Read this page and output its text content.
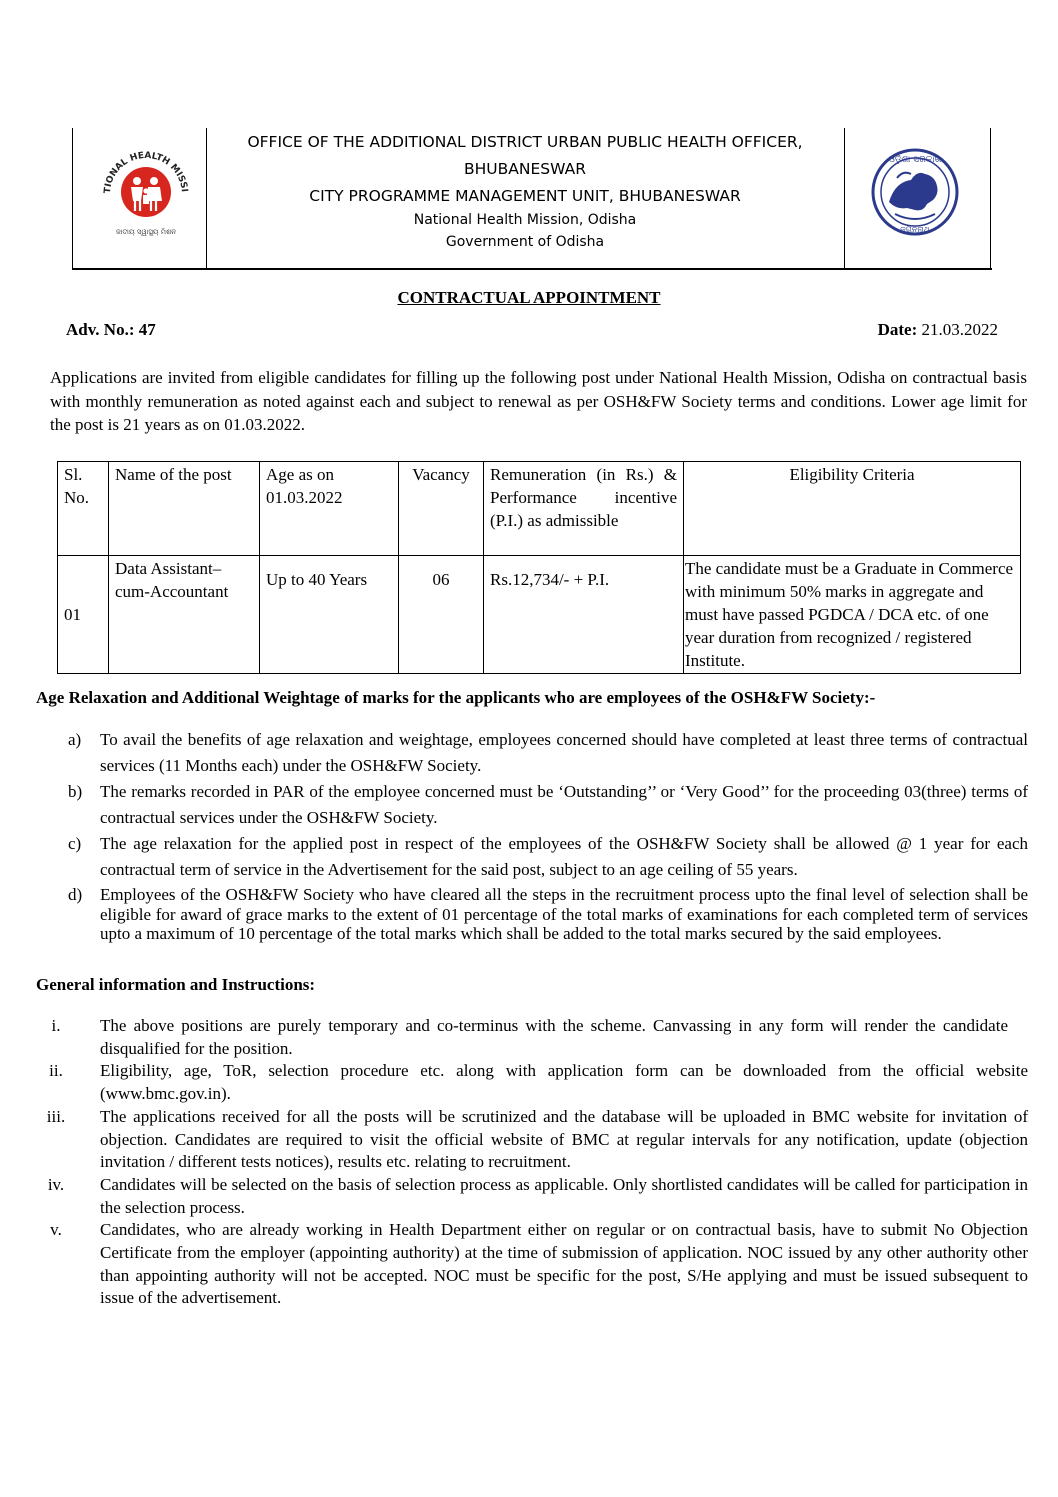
TIONAL HEALTH MISSI
ଜାତୀୟ ସ୍ୱାସ୍ଥ୍ୟ ମିଶନ
OFFICE OF THE ADDITIONAL DISTRICT URBAN PUBLIC HEALTH OFFICER,
BHUBANESWAR
CITY PROGRAMME MANAGEMENT UNIT, BHUBANESWAR
National Health Mission, Odisha
Government of Odisha
ଓଡ଼ିଶା ସରକାର
ଜଗନ୍ନାଥ
CONTRACTUAL APPOINTMENT
Adv. No.: 47	Date: 21.03.2022
Applications are invited from eligible candidates for filling up the following post under National Health Mission, Odisha on contractual basis with monthly remuneration as noted against each and subject to renewal as per OSH&FW Society terms and conditions. Lower age limit for the post is 21 years as on 01.03.2022.
Sl. No.	Name of the post	Age as on 01.03.2022	Vacancy	Remuneration (in Rs.) & Performance incentive (P.I.) as admissible	Eligibility Criteria
01	Data Assistant– cum-Accountant	Up to 40 Years	06	Rs.12,734/- + P.I.	The candidate must be a Graduate in Commerce with minimum 50% marks in aggregate and must have passed PGDCA / DCA etc. of one year duration from recognized / registered Institute.
Age Relaxation and Additional Weightage of marks for the applicants who are employees of the OSH&FW Society:-
a) To avail the benefits of age relaxation and weightage, employees concerned should have completed at least three terms of contractual services (11 Months each) under the OSH&FW Society.
b) The remarks recorded in PAR of the employee concerned must be ‘Outstanding’’ or ‘Very Good’’ for the proceeding 03(three) terms of contractual services under the OSH&FW Society.
c) The age relaxation for the applied post in respect of the employees of the OSH&FW Society shall be allowed @ 1 year for each contractual term of service in the Advertisement for the said post, subject to an age ceiling of 55 years.
d) Employees of the OSH&FW Society who have cleared all the steps in the recruitment process upto the final level of selection shall be eligible for award of grace marks to the extent of 01 percentage of the total marks of examinations for each completed term of services upto a maximum of 10 percentage of the total marks which shall be added to the total marks secured by the said employees.
General information and Instructions:
i.	The above positions are purely temporary and co-terminus with the scheme. Canvassing in any form will render the candidate disqualified for the position.
ii.	Eligibility, age, ToR, selection procedure etc. along with application form can be downloaded from the official website (www.bmc.gov.in).
iii.	The applications received for all the posts will be scrutinized and the database will be uploaded in BMC website for invitation of objection. Candidates are required to visit the official website of BMC at regular intervals for any notification, update (objection invitation / different tests notices), results etc. relating to recruitment.
iv.	Candidates will be selected on the basis of selection process as applicable. Only shortlisted candidates will be called for participation in the selection process.
v.	Candidates, who are already working in Health Department either on regular or on contractual basis, have to submit No Objection Certificate from the employer (appointing authority) at the time of submission of application. NOC issued by any other authority other than appointing authority will not be accepted. NOC must be specific for the post, S/He applying and must be issued subsequent to issue of the advertisement.
